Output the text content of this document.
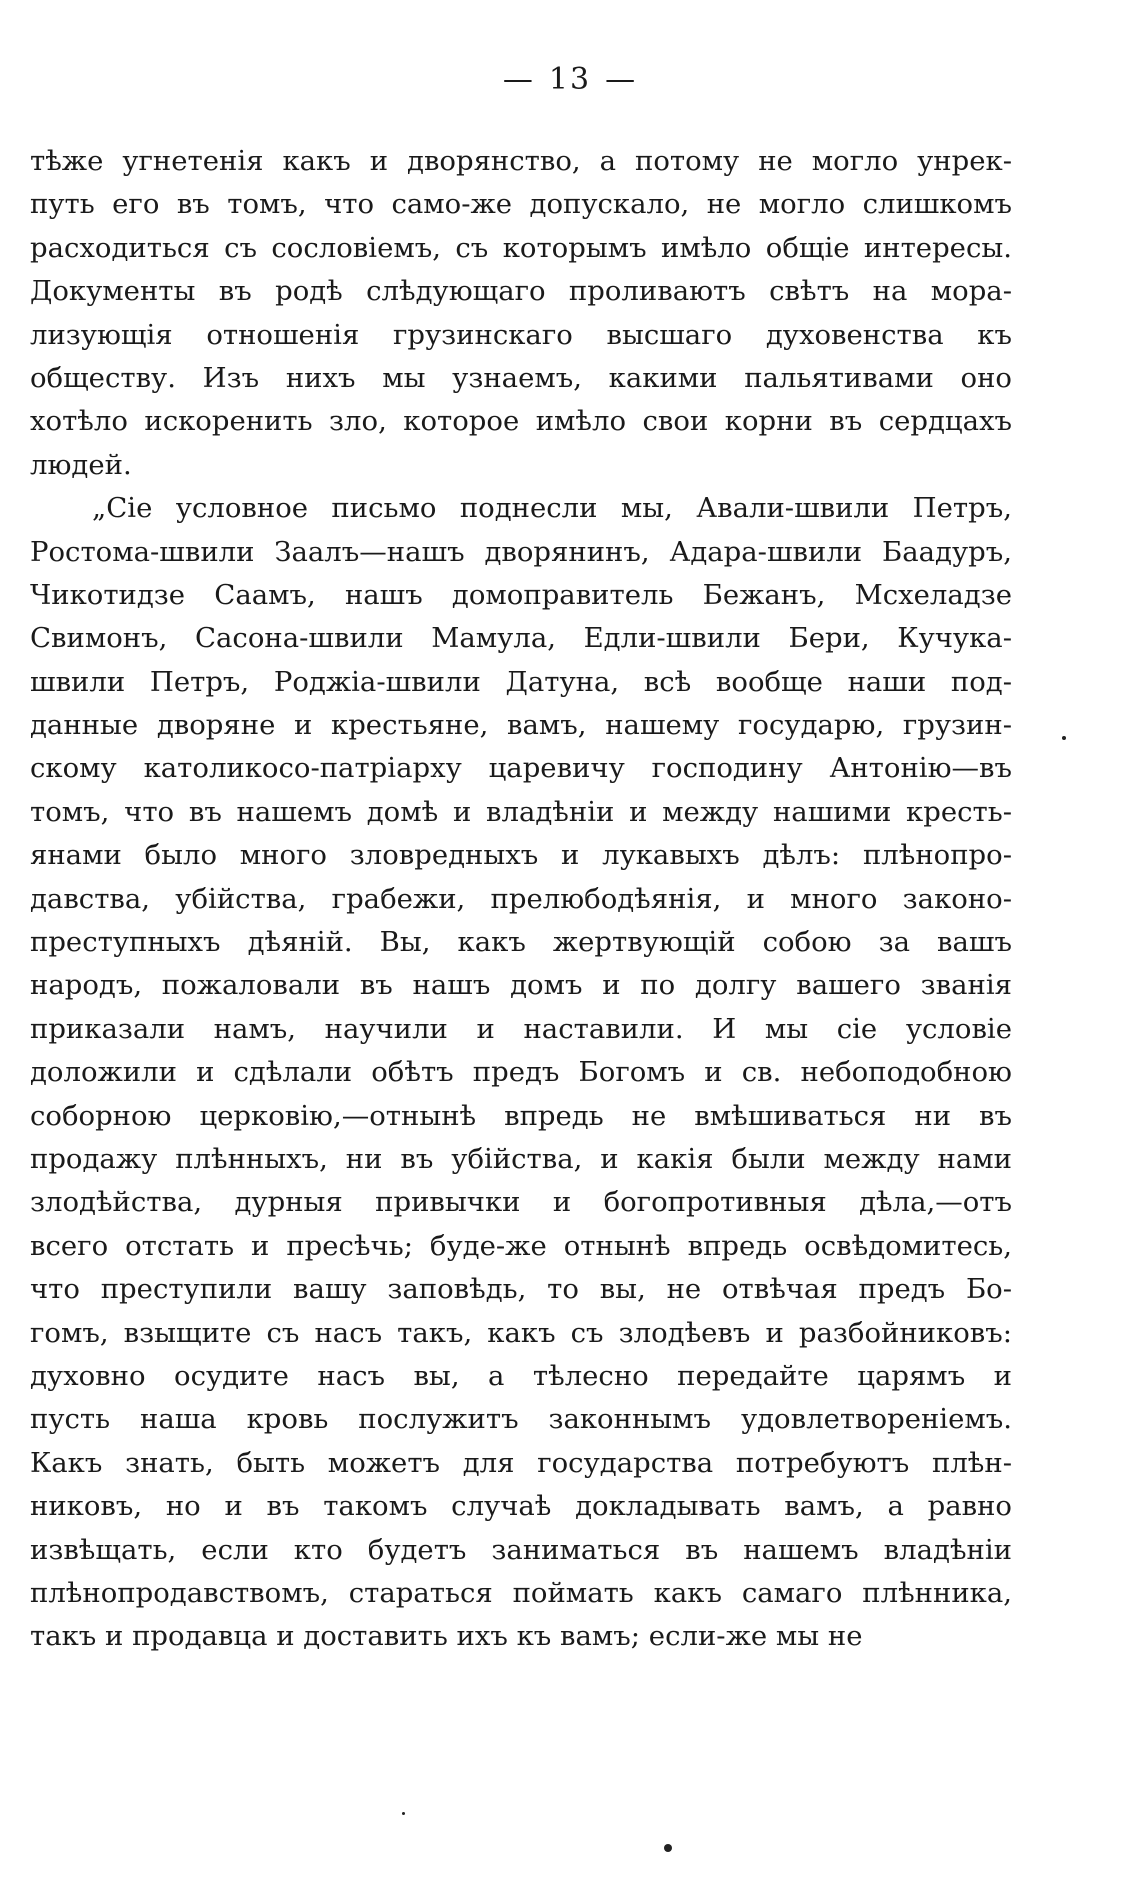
— 13 —
тѣже угнетенія какъ и дворянство, а потому не могло унрек-
путь его въ томъ, что само-же допускало, не могло слишкомъ
расходиться съ сословіемъ, съ которымъ имѣло общіе интересы.
Документы въ родѣ слѣдующаго проливаютъ свѣтъ на мора-
лизующія отношенія грузинскаго высшаго духовенства къ
обществу. Изъ нихъ мы узнаемъ, какими пальятивами оно
хотѣло искоренить зло, которое имѣло свои корни въ сердцахъ
людей.
„Сіе условное письмо поднесли мы, Авали-швили Петръ,
Ростома-швили Заалъ—нашъ дворянинъ, Адара-швили Баадуръ,
Чикотидзе Саамъ, нашъ домоправитель Бежанъ, Мсхеладзе
Свимонъ, Сасона-швили Мамула, Едли-швили Бери, Кучука-
швили Петръ, Роджіа-швили Датуна, всѣ вообще наши под-
данные дворяне и крестьяне, вамъ, нашему государю, грузин-
скому католикосо-патріарху царевичу господину Антонію—въ
томъ, что въ нашемъ домѣ и владѣніи и между нашими кресть-
янами было много зловредныхъ и лукавыхъ дѣлъ: плѣнопро-
давства, убійства, грабежи, прелюбодѣянія, и много законо-
преступныхъ дѣяній. Вы, какъ жертвующій собою за вашъ
народъ, пожаловали въ нашъ домъ и по долгу вашего званія
приказали намъ, научили и наставили. И мы сіе условіе
доложили и сдѣлали обѣтъ предъ Богомъ и св. небоподобною
соборною церковію,—отнынѣ впредь не вмѣшиваться ни въ
продажу плѣнныхъ, ни въ убійства, и какія были между нами
злодѣйства, дурныя привычки и богопротивныя дѣла,—отъ
всего отстать и пресѣчь; буде-же отнынѣ впредь освѣдомитесь,
что преступили вашу заповѣдь, то вы, не отвѣчая предъ Бо-
гомъ, взыщите съ насъ такъ, какъ съ злодѣевъ и разбойниковъ:
духовно осудите насъ вы, а тѣлесно передайте царямъ и
пусть наша кровь послужитъ законнымъ удовлетвореніемъ.
Какъ знать, быть можетъ для государства потребуютъ плѣн-
никовъ, но и въ такомъ случаѣ докладывать вамъ, а равно
извѣщать, если кто будетъ заниматься въ нашемъ владѣніи
плѣнопродавствомъ, стараться поймать какъ самаго плѣнника,
такъ и продавца и доставить ихъ къ вамъ; если-же мы не
